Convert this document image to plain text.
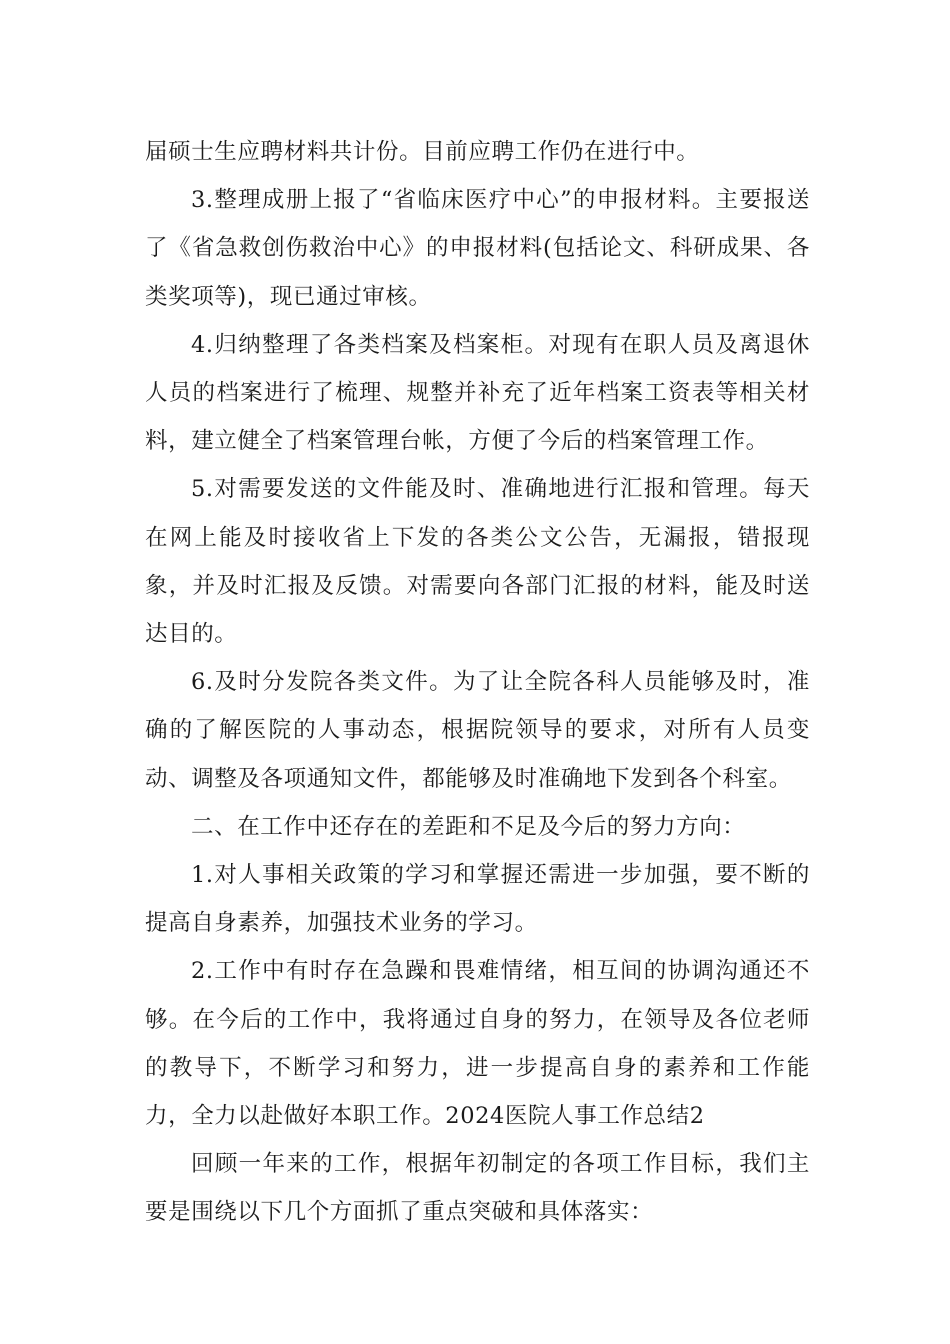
届硕士生应聘材料共计份。目前应聘工作仍在进行中。

3.整理成册上报了“省临床医疗中心”的申报材料。主要报送了《省急救创伤救治中心》的申报材料(包括论文、科研成果、各类奖项等)，现已通过审核。

4.归纳整理了各类档案及档案柜。对现有在职人员及离退休人员的档案进行了梳理、规整并补充了近年档案工资表等相关材料，建立健全了档案管理台帐，方便了今后的档案管理工作。

5.对需要发送的文件能及时、准确地进行汇报和管理。每天在网上能及时接收省上下发的各类公文公告，无漏报，错报现象，并及时汇报及反馈。对需要向各部门汇报的材料，能及时送达目的。

6.及时分发院各类文件。为了让全院各科人员能够及时，准确的了解医院的人事动态，根据院领导的要求，对所有人员变动、调整及各项通知文件，都能够及时准确地下发到各个科室。

二、在工作中还存在的差距和不足及今后的努力方向：

1.对人事相关政策的学习和掌握还需进一步加强，要不断的提高自身素养，加强技术业务的学习。

2.工作中有时存在急躁和畏难情绪，相互间的协调沟通还不够。在今后的工作中，我将通过自身的努力，在领导及各位老师的教导下，不断学习和努力，进一步提高自身的素养和工作能力，全力以赴做好本职工作。2024医院人事工作总结2

回顾一年来的工作，根据年初制定的各项工作目标，我们主要是围绕以下几个方面抓了重点突破和具体落实：
